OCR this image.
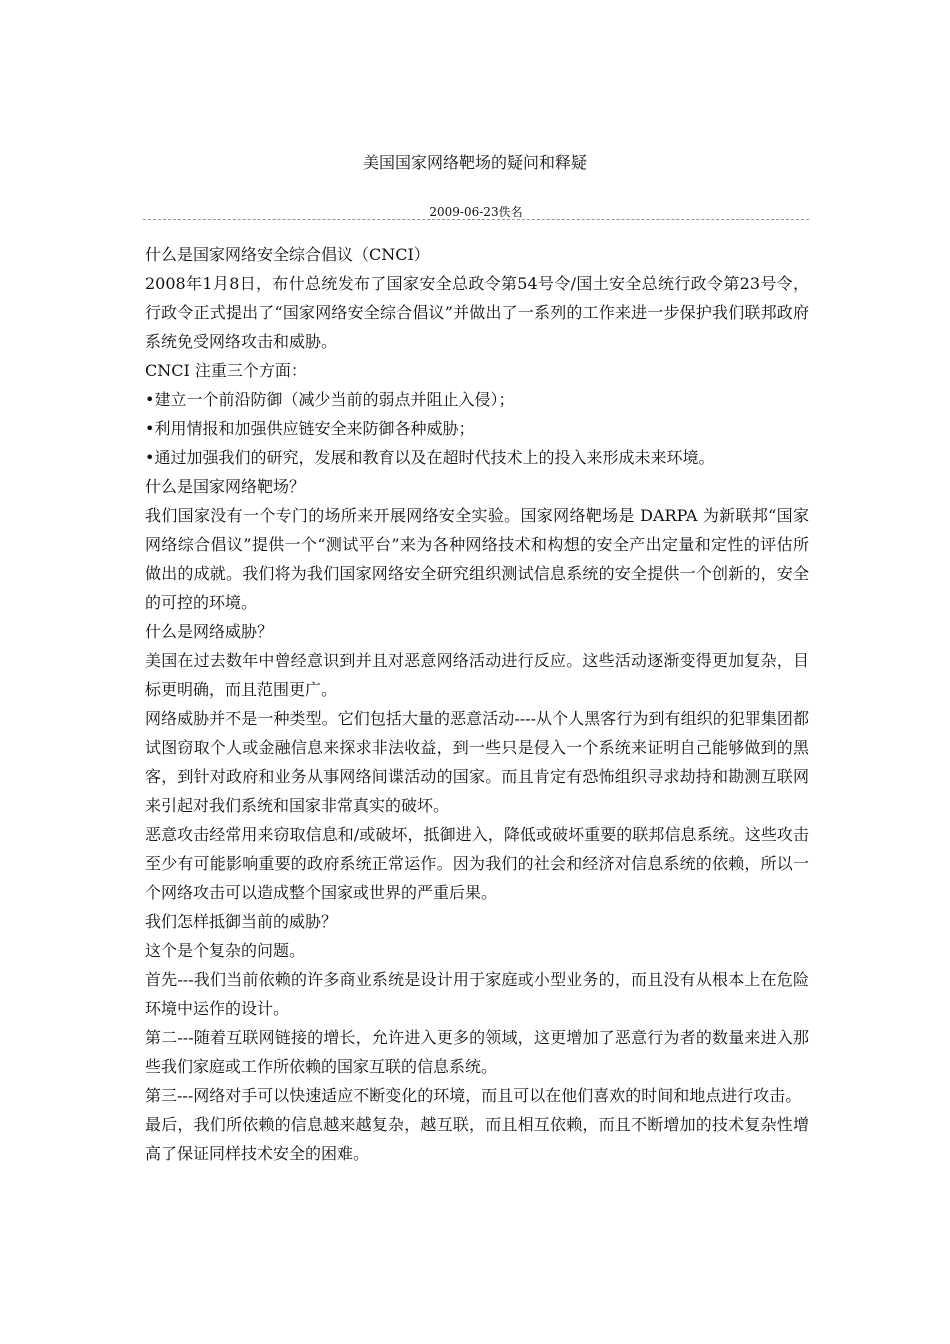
美国国家网络靶场的疑问和释疑
2009-06-23佚名

什么是国家网络安全综合倡议（CNCI）

2008年1月8日，布什总统发布了国家安全总政令第54号令/国土安全总统行政令第23号令，行政令正式提出了“国家网络安全综合倡议”并做出了一系列的工作来进一步保护我们联邦政府系统免受网络攻击和威胁。

CNCI 注重三个方面：

•建立一个前沿防御（减少当前的弱点并阻止入侵）；

•利用情报和加强供应链安全来防御各种威胁；

•通过加强我们的研究，发展和教育以及在超时代技术上的投入来形成未来环境。

什么是国家网络靶场？

我们国家没有一个专门的场所来开展网络安全实验。国家网络靶场是 DARPA 为新联邦“国家网络综合倡议”提供一个“测试平台”来为各种网络技术和构想的安全产出定量和定性的评估所做出的成就。我们将为我们国家网络安全研究组织测试信息系统的安全提供一个创新的，安全的可控的环境。

什么是网络威胁？

美国在过去数年中曾经意识到并且对恶意网络活动进行反应。这些活动逐渐变得更加复杂，目标更明确，而且范围更广。

网络威胁并不是一种类型。它们包括大量的恶意活动----从个人黑客行为到有组织的犯罪集团都试图窃取个人或金融信息来探求非法收益，到一些只是侵入一个系统来证明自己能够做到的黑客，到针对政府和业务从事网络间谍活动的国家。而且肯定有恐怖组织寻求劫持和勘测互联网来引起对我们系统和国家非常真实的破坏。

恶意攻击经常用来窃取信息和/或破坏，抵御进入，降低或破坏重要的联邦信息系统。这些攻击至少有可能影响重要的政府系统正常运作。因为我们的社会和经济对信息系统的依赖，所以一个网络攻击可以造成整个国家或世界的严重后果。

我们怎样抵御当前的威胁？

这个是个复杂的问题。

首先---我们当前依赖的许多商业系统是设计用于家庭或小型业务的，而且没有从根本上在危险环境中运作的设计。

第二---随着互联网链接的增长，允许进入更多的领域，这更增加了恶意行为者的数量来进入那些我们家庭或工作所依赖的国家互联的信息系统。

第三---网络对手可以快速适应不断变化的环境，而且可以在他们喜欢的时间和地点进行攻击。

最后，我们所依赖的信息越来越复杂，越互联，而且相互依赖，而且不断增加的技术复杂性增高了保证同样技术安全的困难。
